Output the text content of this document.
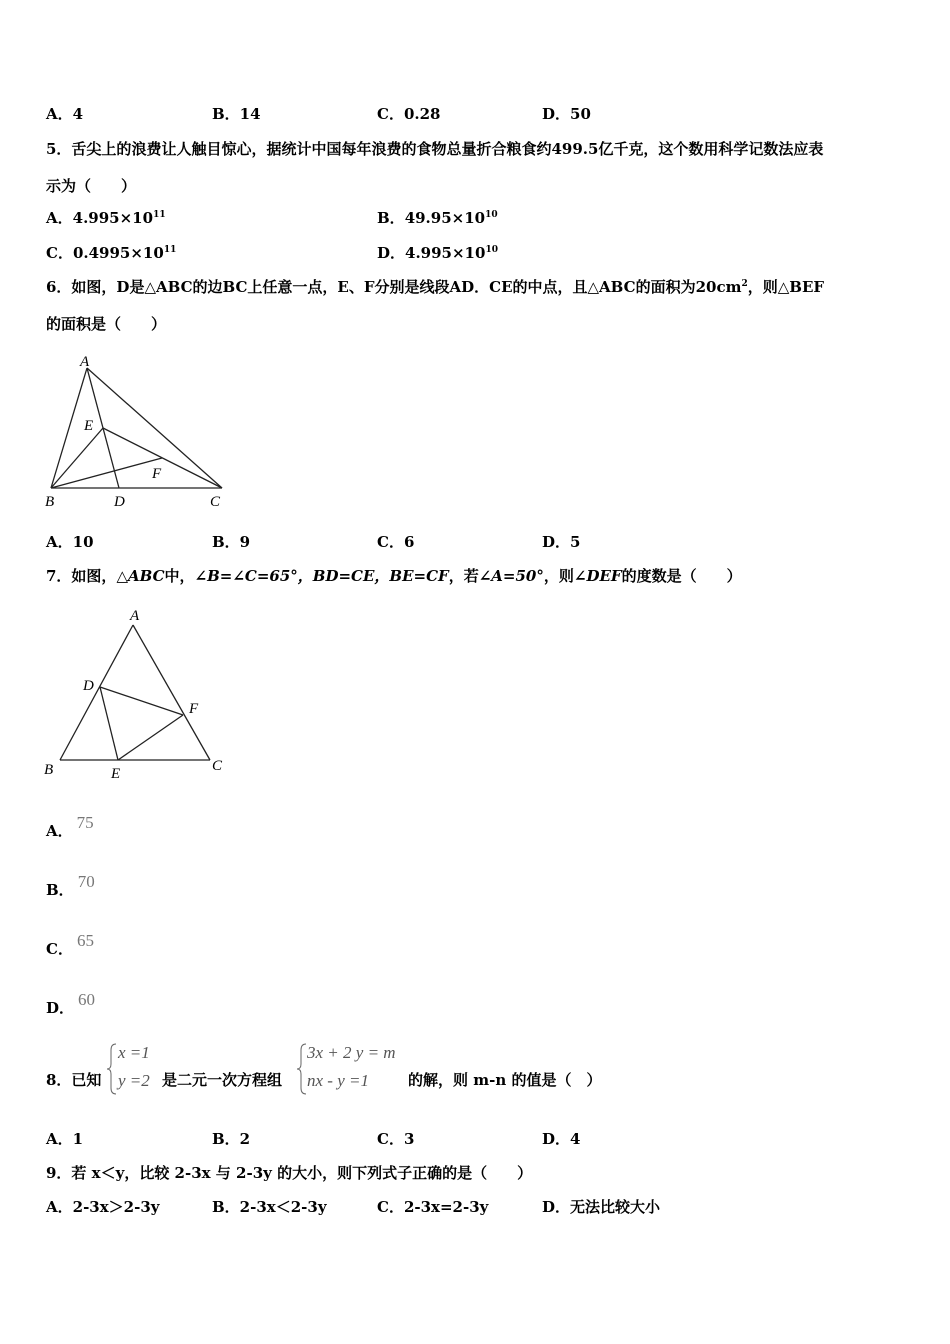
A．4	B．14	C．0.28	D．50
5．舌尖上的浪费让人触目惊心，据统计中国每年浪费的食物总量折合粮食约499.5亿千克，这个数用科学记数法应表
示为（　　）
A．$4.995\times 10^{11}$	B．$49.95\times 10^{10}$
C．$0.4995\times 10^{11}$	D．$4.995\times 10^{10}$
6．如图，D是△ABC的边BC上任意一点，E、F分别是线段AD．CE的中点，且△ABC的面积为$20cm^2$，则△BEF
的面积是（　　）
A
B	C
D
E
F
A．10	B．9	C．6	D．5
7．如图，△ABC中，∠B=∠C=65°，BD=CE，BE=CF，若∠A=50°，则∠DEF的度数是（　　）
A
B	C
D
E
F
A． 75
B． 70
C． 65
D． 60
8．已知
x =1
y =2 是二元一次方程组
3x + 2 y = m
nx - y =1	的解，则 m-n 的值是（　）
A．1	B．2	C．3	D．4
9．若 x＜y，比较 2-3x 与 2-3y 的大小，则下列式子正确的是（　　）
A．2-3x＞2-3y	B．2-3x＜2-3y	C．2-3x=2-3y	D．无法比较大小
